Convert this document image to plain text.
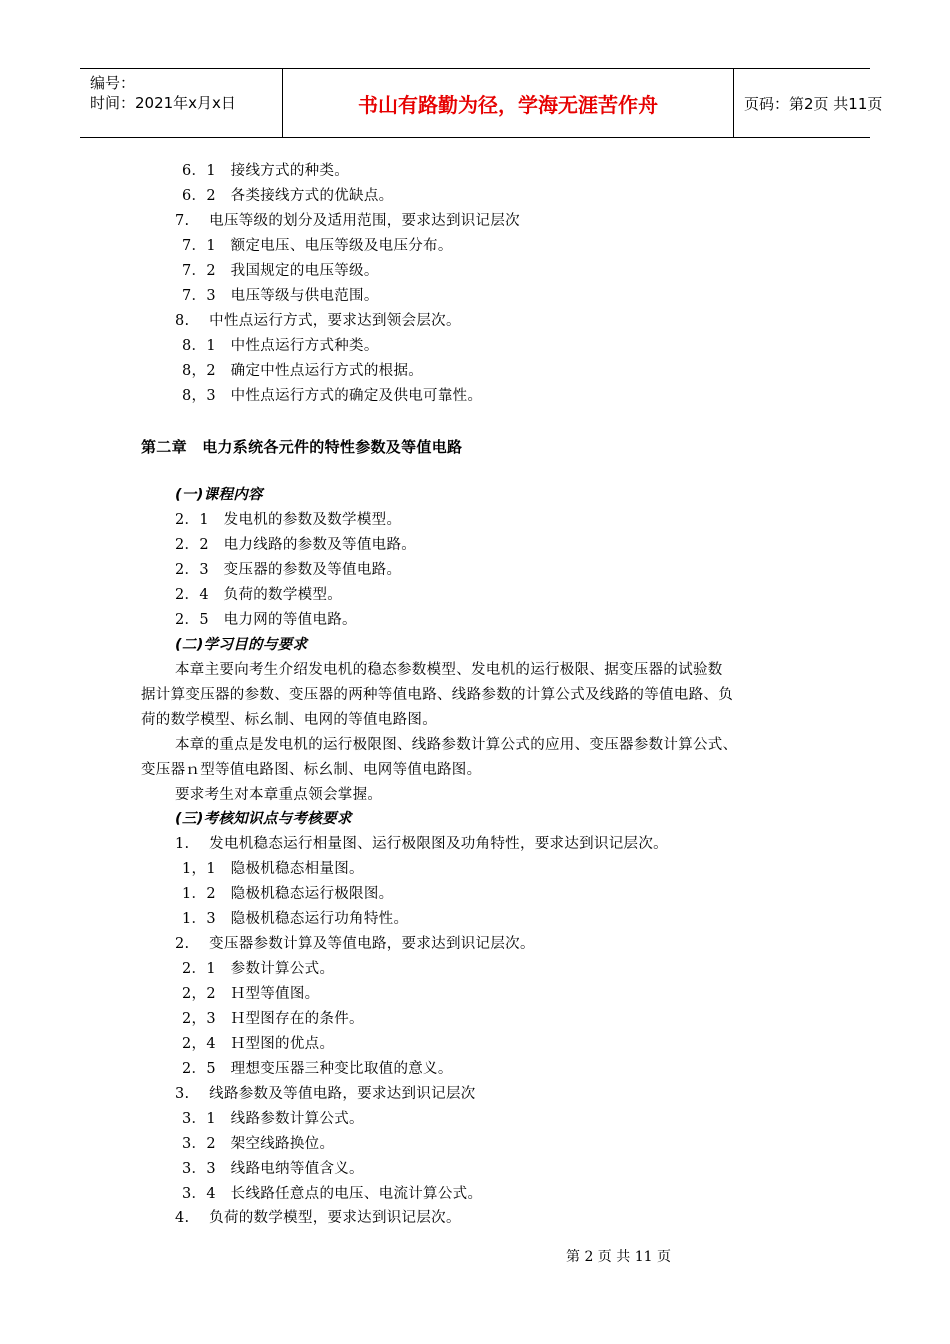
编号：
时间：2021年x月x日	书山有路勤为径，学海无涯苦作舟	页码：第2页 共11页
6．1　接线方式的种类。
6．2　各类接线方式的优缺点。
7.　 电压等级的划分及适用范围，要求达到识记层次
7．1　额定电压、电压等级及电压分布。
7．2　我国规定的电压等级。
7．3　电压等级与供电范围。
8.　 中性点运行方式，要求达到领会层次。
8．1　中性点运行方式种类。
8，2　确定中性点运行方式的根据。
8，3　中性点运行方式的确定及供电可靠性。
第二章　电力系统各元件的特性参数及等值电路
(一)课程内容
2．1　发电机的参数及数学模型。
2．2　电力线路的参数及等值电路。
2．3　变压器的参数及等值电路。
2．4　负荷的数学模型。
2．5　电力网的等值电路。
(二)学习目的与要求
本章主要向考生介绍发电机的稳态参数模型、发电机的运行极限、据变压器的试验数
据计算变压器的参数、变压器的两种等值电路、线路参数的计算公式及线路的等值电路、负
荷的数学模型、标幺制、电网的等值电路图。
本章的重点是发电机的运行极限图、线路参数计算公式的应用、变压器参数计算公式、
变压器ｎ型等值电路图、标幺制、电网等值电路图。
要求考生对本章重点领会掌握。
(三)考核知识点与考核要求
1.　 发电机稳态运行相量图、运行极限图及功角特性，要求达到识记层次。
1，1　隐极机稳态相量图。
1．2　隐极机稳态运行极限图。
1．3　隐极机稳态运行功角特性。
2.　 变压器参数计算及等值电路，要求达到识记层次。
2．1　参数计算公式。
2，2　Ｈ型等值图。
2，3　Ｈ型图存在的条件。
2，4　Ｈ型图的优点。
2．5　理想变压器三种变比取值的意义。
3.　 线路参数及等值电路，要求达到识记层次
3．1　线路参数计算公式。
3．2　架空线路换位。
3．3　线路电纳等值含义。
3．4　长线路任意点的电压、电流计算公式。
4.　 负荷的数学模型，要求达到识记层次。
第 2 页 共 11 页
